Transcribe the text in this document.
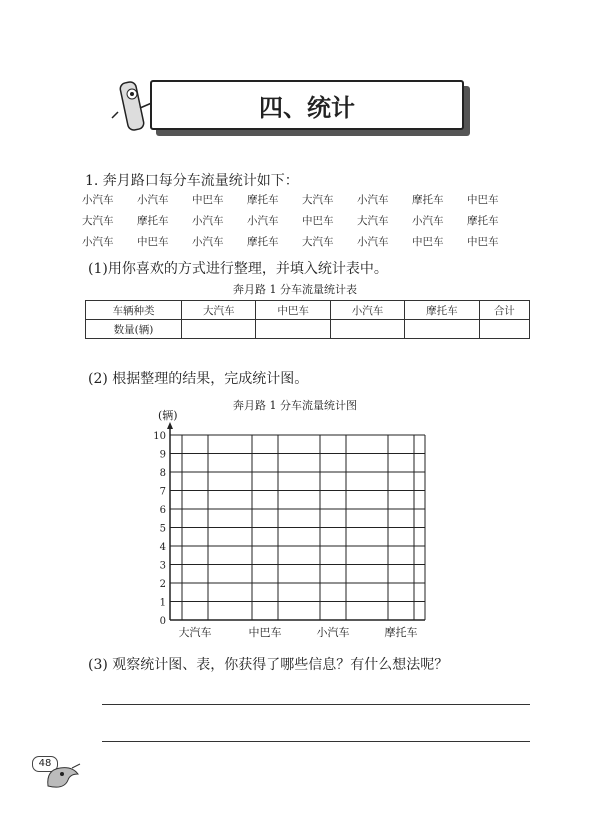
四、统计
1. 奔月路口每分车流量统计如下：
小汽车	小汽车	中巴车	摩托车	大汽车	小汽车	摩托车	中巴车
大汽车	摩托车	小汽车	小汽车	中巴车	大汽车	小汽车	摩托车
小汽车	中巴车	小汽车	摩托车	大汽车	小汽车	中巴车	中巴车
(1)用你喜欢的方式进行整理，并填入统计表中。
奔月路 1 分车流量统计表
车辆种类	大汽车	中巴车	小汽车	摩托车	合计
数量(辆)					
(2) 根据整理的结果，完成统计图。
奔月路 1 分车流量统计图
0
1
2
3
4
5
6
7
8
9
10
(辆)
大汽车	中巴车	小汽车	摩托车
(3) 观察统计图、表，你获得了哪些信息？有什么想法呢？
48
